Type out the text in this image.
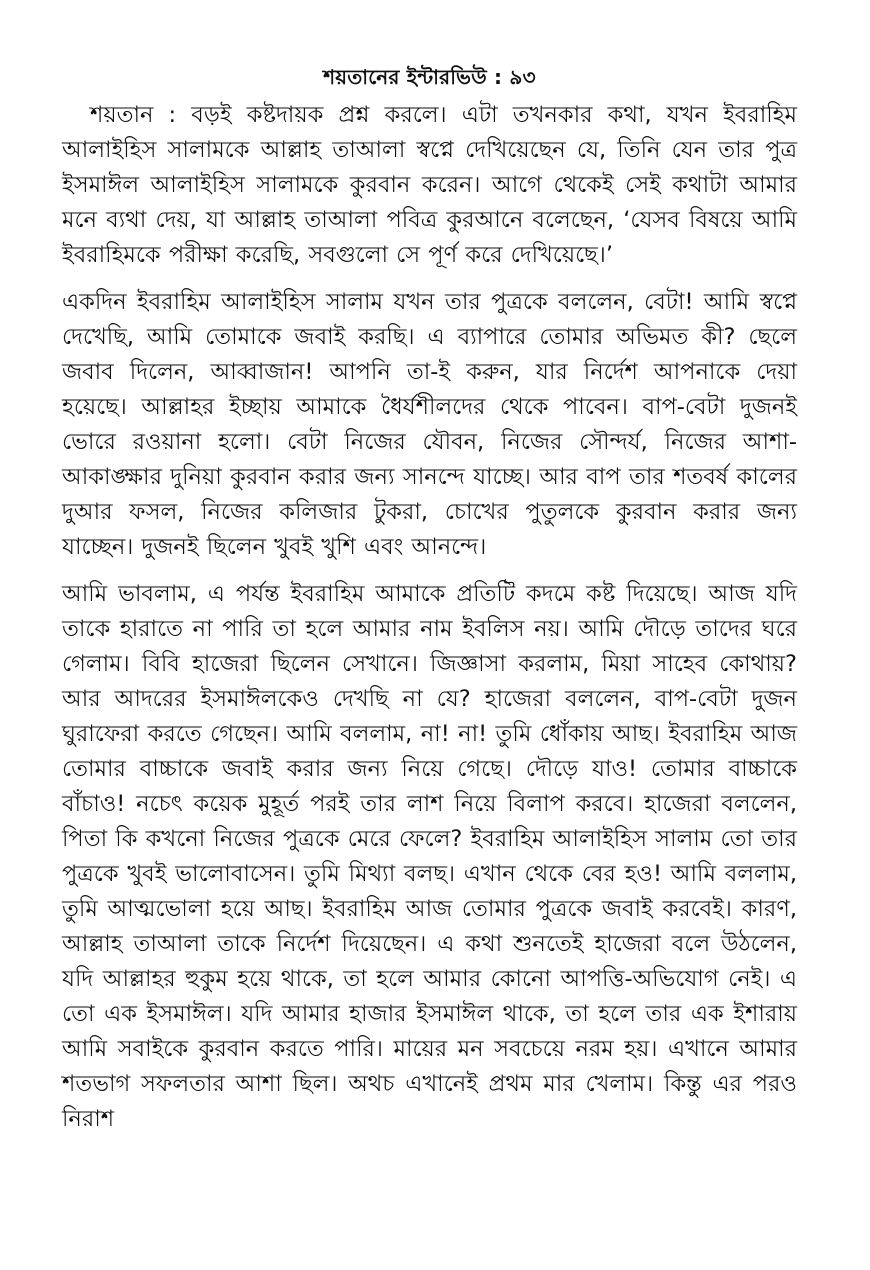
শয়তানের ইন্টারভিউ : ৯৩

শয়তান : বড়ই কষ্টদায়ক প্রশ্ন করলে। এটা তখনকার কথা, যখন ইবরাহিম আলাইহিস সালামকে আল্লাহ তাআলা স্বপ্নে দেখিয়েছেন যে, তিনি যেন তার পুত্র ইসমাঈল আলাইহিস সালামকে কুরবান করেন। আগে থেকেই সেই কথাটা আমার মনে ব্যথা দেয়, যা আল্লাহ তাআলা পবিত্র কুরআনে বলেছেন, ‘যেসব বিষয়ে আমি ইবরাহিমকে পরীক্ষা করেছি, সবগুলো সে পূর্ণ করে দেখিয়েছে।’

একদিন ইবরাহিম আলাইহিস সালাম যখন তার পুত্রকে বললেন, বেটা! আমি স্বপ্নে দেখেছি, আমি তোমাকে জবাই করছি। এ ব্যাপারে তোমার অভিমত কী? ছেলে জবাব দিলেন, আব্বাজান! আপনি তা-ই করুন, যার নির্দেশ আপনাকে দেয়া হয়েছে। আল্লাহর ইচ্ছায় আমাকে ধৈর্যশীলদের থেকে পাবেন। বাপ-বেটা দুজনই ভোরে রওয়ানা হলো। বেটা নিজের যৌবন, নিজের সৌন্দর্য, নিজের আশা-আকাঙ্ক্ষার দুনিয়া কুরবান করার জন্য সানন্দে যাচ্ছে। আর বাপ তার শতবর্ষ কালের দুআর ফসল, নিজের কলিজার টুকরা, চোখের পুতুলকে কুরবান করার জন্য যাচ্ছেন। দুজনই ছিলেন খুবই খুশি এবং আনন্দে।

আমি ভাবলাম, এ পর্যন্ত ইবরাহিম আমাকে প্রতিটি কদমে কষ্ট দিয়েছে। আজ যদি তাকে হারাতে না পারি তা হলে আমার নাম ইবলিস নয়। আমি দৌড়ে তাদের ঘরে গেলাম। বিবি হাজেরা ছিলেন সেখানে। জিজ্ঞাসা করলাম, মিয়া সাহেব কোথায়? আর আদরের ইসমাঈলকেও দেখছি না যে? হাজেরা বললেন, বাপ-বেটা দুজন ঘুরাফেরা করতে গেছেন। আমি বললাম, না! না! তুমি ধোঁকায় আছ। ইবরাহিম আজ তোমার বাচ্চাকে জবাই করার জন্য নিয়ে গেছে। দৌড়ে যাও! তোমার বাচ্চাকে বাঁচাও! নচেৎ কয়েক মুহূর্ত পরই তার লাশ নিয়ে বিলাপ করবে। হাজেরা বললেন, পিতা কি কখনো নিজের পুত্রকে মেরে ফেলে? ইবরাহিম আলাইহিস সালাম তো তার পুত্রকে খুবই ভালোবাসেন। তুমি মিথ্যা বলছ। এখান থেকে বের হও! আমি বললাম, তুমি আত্মভোলা হয়ে আছ। ইবরাহিম আজ তোমার পুত্রকে জবাই করবেই। কারণ, আল্লাহ তাআলা তাকে নির্দেশ দিয়েছেন। এ কথা শুনতেই হাজেরা বলে উঠলেন, যদি আল্লাহর হুকুম হয়ে থাকে, তা হলে আমার কোনো আপত্তি-অভিযোগ নেই। এ তো এক ইসমাঈল। যদি আমার হাজার ইসমাঈল থাকে, তা হলে তার এক ইশারায় আমি সবাইকে কুরবান করতে পারি। মায়ের মন সবচেয়ে নরম হয়। এখানে আমার শতভাগ সফলতার আশা ছিল। অথচ এখানেই প্রথম মার খেলাম। কিন্তু এর পরও নিরাশ
